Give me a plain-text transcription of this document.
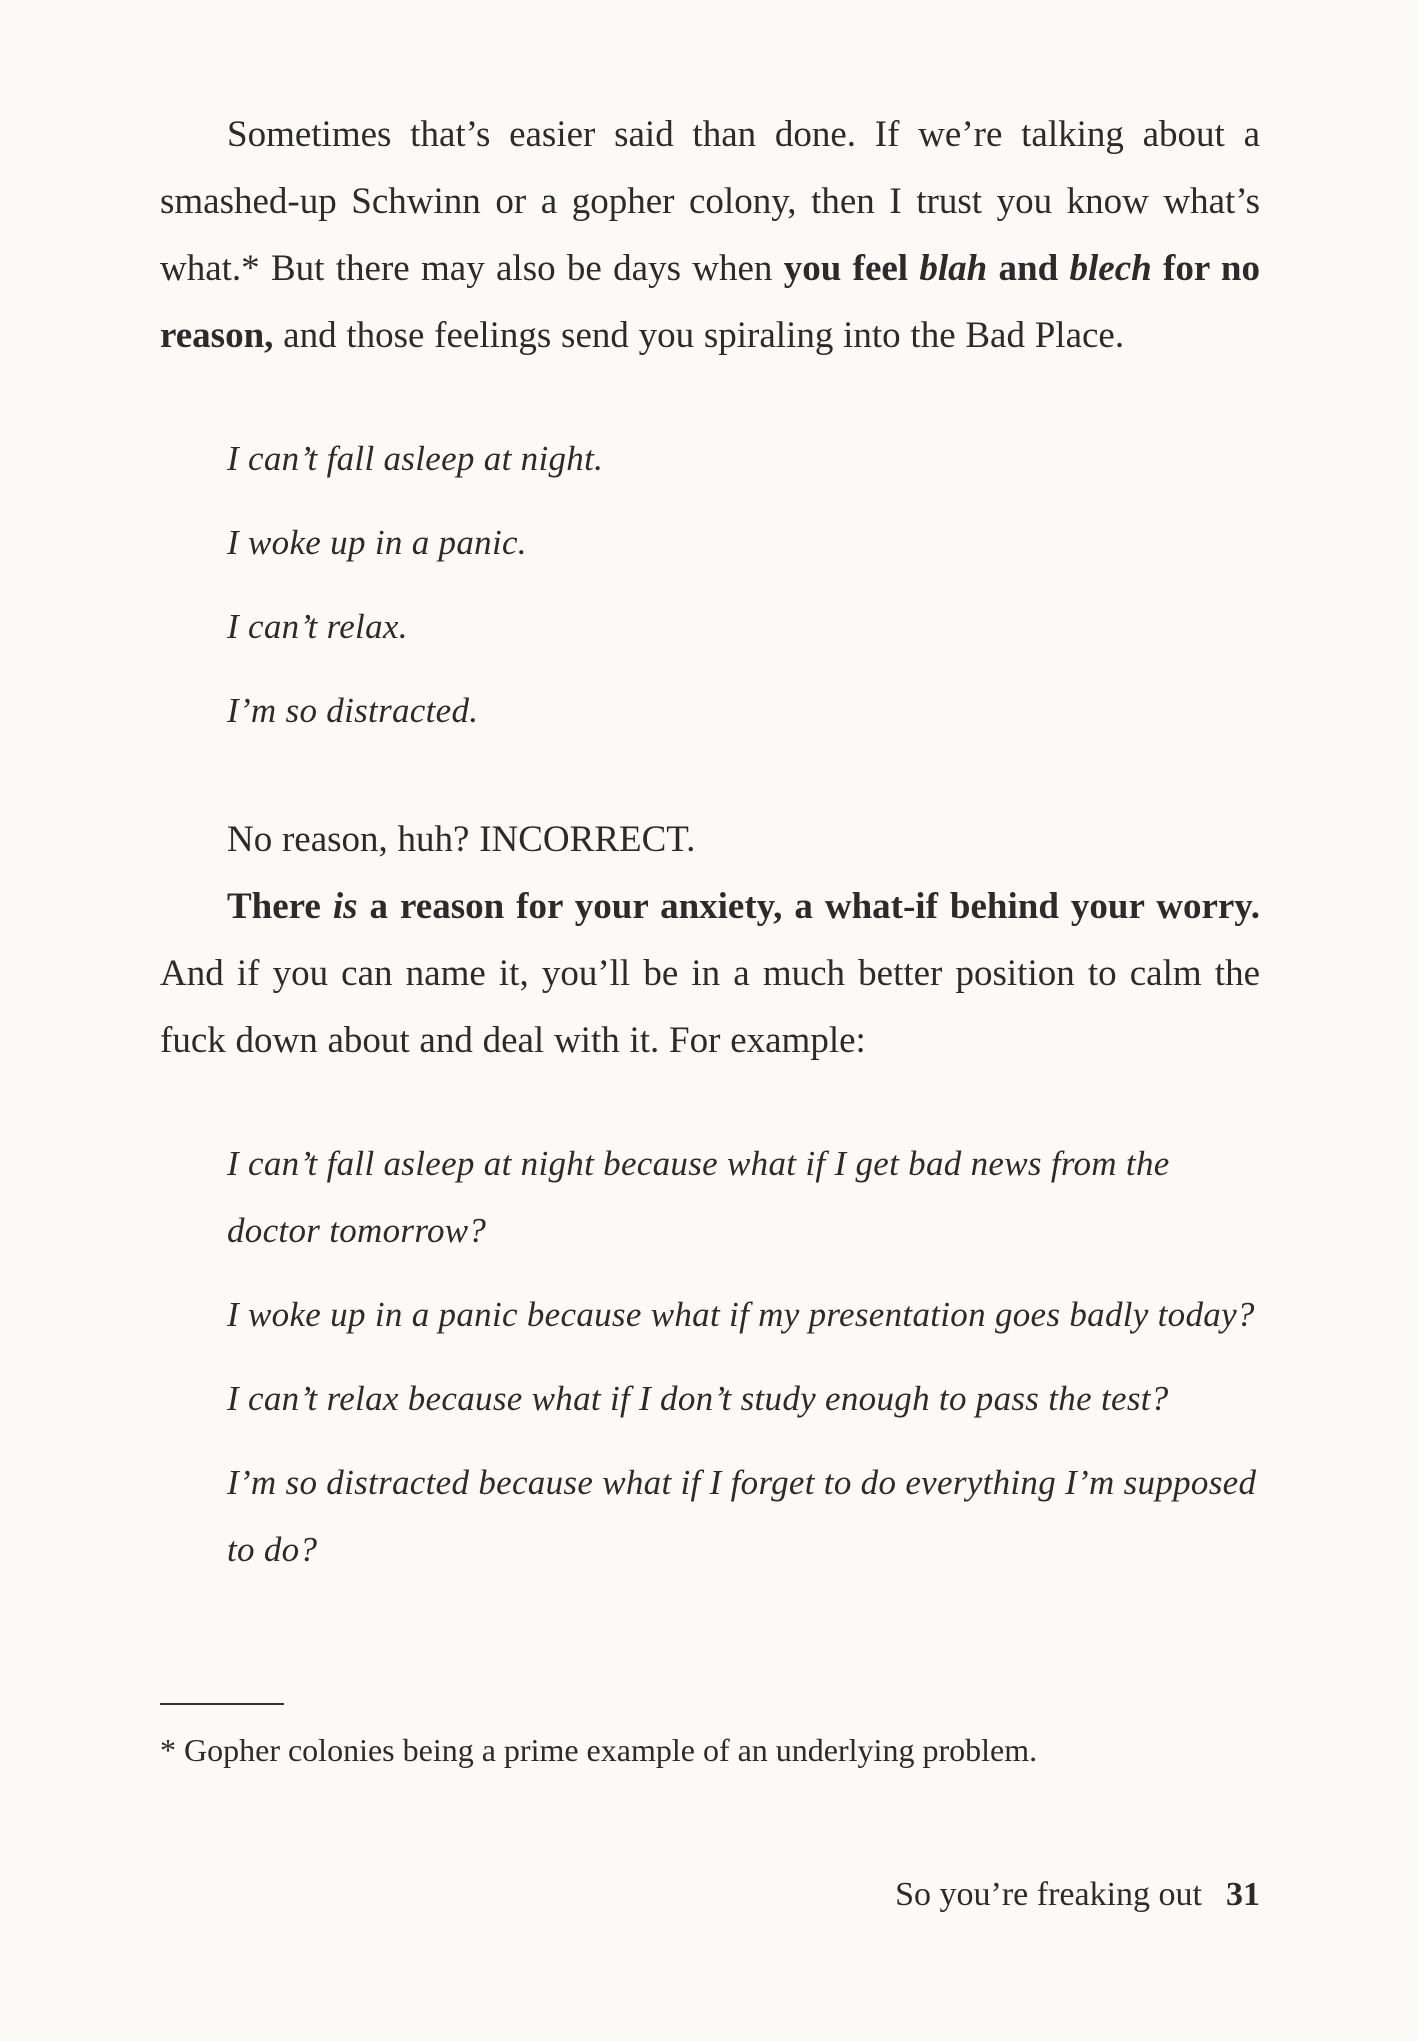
Sometimes that’s easier said than done. If we’re talking about a smashed-up Schwinn or a gopher colony, then I trust you know what’s what.* But there may also be days when you feel blah and blech for no reason, and those feelings send you spiraling into the Bad Place.

I can’t fall asleep at night.

I woke up in a panic.

I can’t relax.

I’m so distracted.

No reason, huh? INCORRECT.

There is a reason for your anxiety, a what-if behind your worry. And if you can name it, you’ll be in a much better position to calm the fuck down about and deal with it. For example:

I can’t fall asleep at night because what if I get bad news from the doctor tomorrow?

I woke up in a panic because what if my presentation goes badly today?

I can’t relax because what if I don’t study enough to pass the test?

I’m so distracted because what if I forget to do everything I’m supposed to do?

* Gopher colonies being a prime example of an underlying problem.

So you’re freaking out 31
